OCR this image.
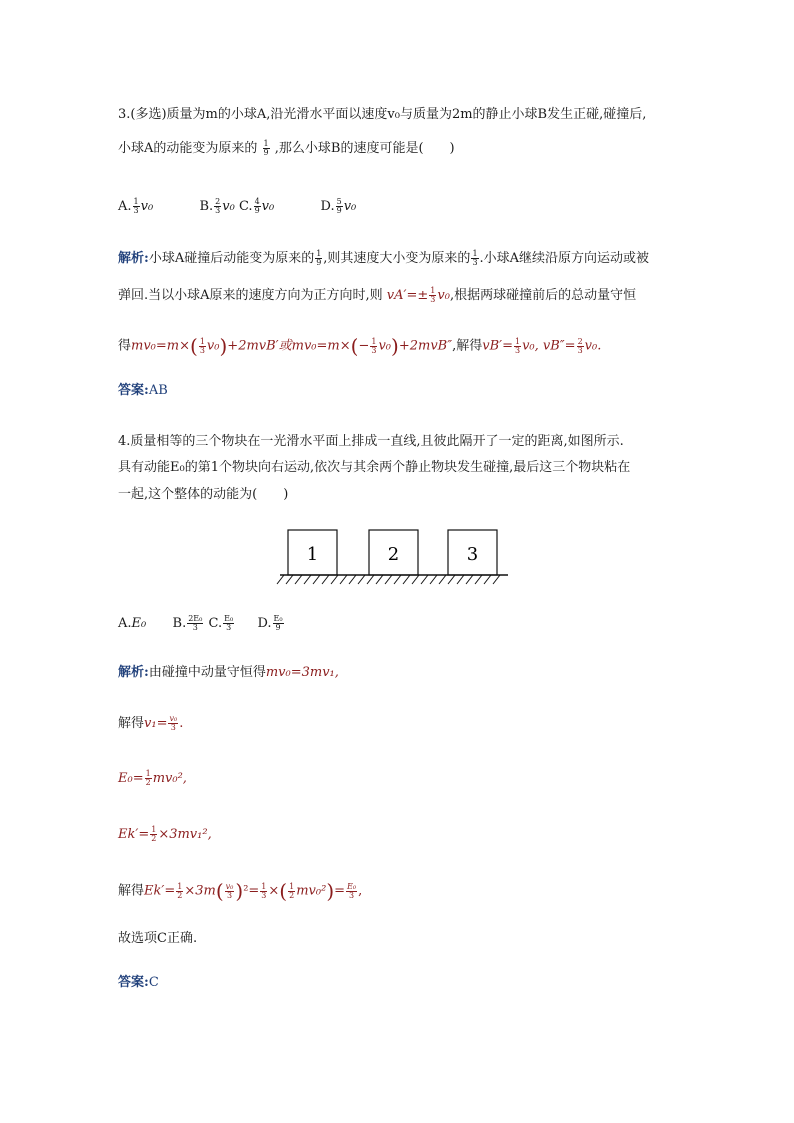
3.(多选)质量为m的小球A,沿光滑水平面以速度v₀与质量为2m的静止小球B发生正碰,碰撞后,
小球A的动能变为原来的 $\frac{1}{9}$ ,那么小球B的速度可能是(　　)
A. $\frac{1}{3} v_0$	B. $\frac{2}{3} v_0$ C. $\frac{4}{9} v_0$	D. $\frac{5}{9} v_0$
解析:小球A碰撞后动能变为原来的 $\frac{1}{9}$ ,则其速度大小变为原来的 $\frac{1}{3}$ .小球A继续沿原方向运动或被
弹回.当以小球A原来的速度方向为正方向时,则 $vA'=\pm \frac{1}{3} v_0$,根据两球碰撞前后的总动量守恒
得$mv_0=m\times( \frac{1}{3} v_0)+2mvB'$或$mv_0=m\times(- \frac{1}{3} v_0)+2mvB''$,解得$vB'= \frac{1}{3} v_0$, $vB''= \frac{2}{3} v_0$.
答案:AB
4.质量相等的三个物块在一光滑水平面上排成一直线,且彼此隔开了一定的距离,如图所示.
具有动能E₀的第1个物块向右运动,依次与其余两个静止物块发生碰撞,最后这三个物块粘在
一起,这个整体的动能为(　　)
1	2	3
A.E₀ B. $\frac{\text{2E₀}}{3} C$. $\frac{\text{E₀}}{3} D$. $\frac{\text{E₀}}{9}$
解析:由碰撞中动量守恒得mv₀=3mv₁,
解得$v_1= \frac{\text{v₀}}{3}$ .
$E_0= \frac{1}{2} mv_0^2$,
$Ek'= \frac{1}{2} \times 3mv_1^2$,
解得$Ek'= \frac{1}{2} \times 3m( \frac{\text{v₀}}{3} )^2= \frac{1}{3}$ ×( $\frac{1}{2} mv_0^2)= \frac{\text{E₀}}{3}$ ,
故选项C正确.
答案:C
